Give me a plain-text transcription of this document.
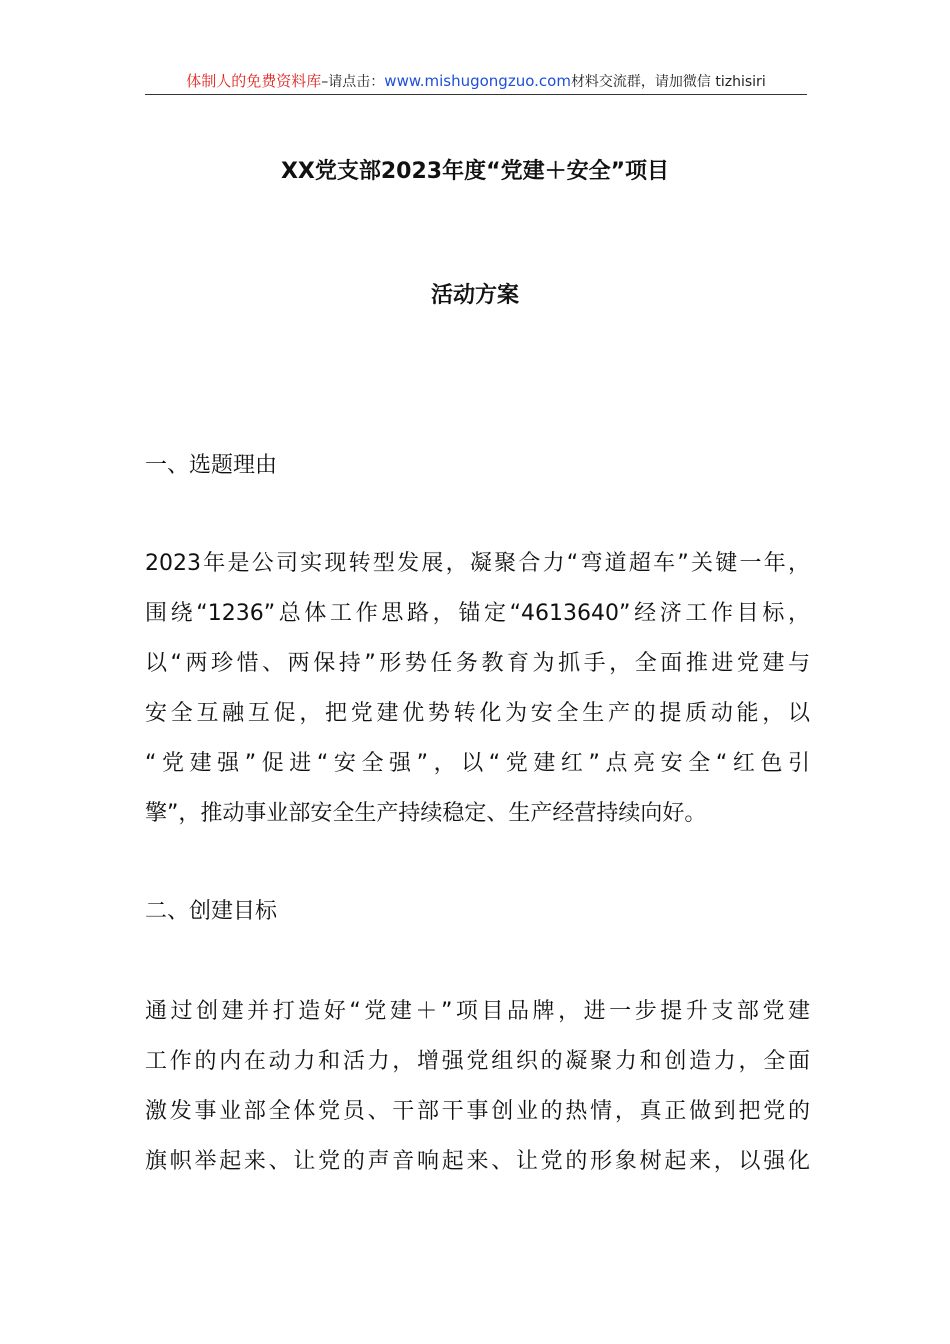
体制人的免费资料库–请点击：www.mishugongzuo.com材料交流群，请加微信 tizhisiri
XX党支部2023年度“党建＋安全”项目
活动方案
一、选题理由
2023年是公司实现转型发展，凝聚合力“弯道超车”关键一年，
围绕“1236”总体工作思路，锚定“4613640”经济工作目标，
以“两珍惜、两保持”形势任务教育为抓手，全面推进党建与
安全互融互促，把党建优势转化为安全生产的提质动能，以
“党建强”促进“安全强”，以“党建红”点亮安全“红色引
擎”，推动事业部安全生产持续稳定、生产经营持续向好。
二、创建目标
通过创建并打造好“党建＋”项目品牌，进一步提升支部党建
工作的内在动力和活力，增强党组织的凝聚力和创造力，全面
激发事业部全体党员、干部干事创业的热情，真正做到把党的
旗帜举起来、让党的声音响起来、让党的形象树起来，以强化
